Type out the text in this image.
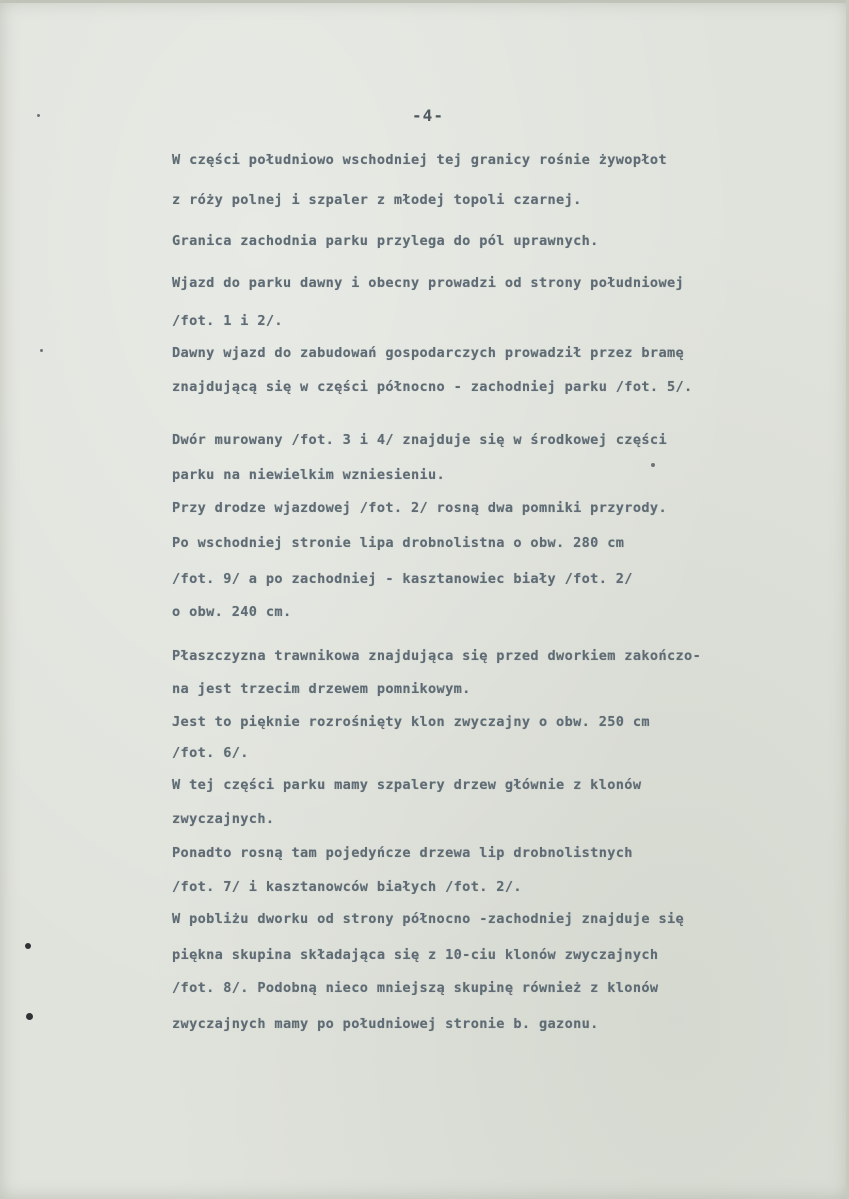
-4-
W części południowo wschodniej tej granicy rośnie żywopłot
z róży polnej i szpaler z młodej topoli czarnej.
Granica zachodnia parku przylega do pól uprawnych.
Wjazd do parku dawny i obecny prowadzi od strony południowej
/fot. 1 i 2/.
Dawny wjazd do zabudowań gospodarczych prowadził przez bramę
znajdującą się w części północno - zachodniej parku /fot. 5/.
Dwór murowany /fot. 3 i 4/ znajduje się w środkowej części
parku na niewielkim wzniesieniu.
Przy drodze wjazdowej /fot. 2/ rosną dwa pomniki przyrody.
Po wschodniej stronie lipa drobnolistna o obw. 280 cm
/fot. 9/ a po zachodniej - kasztanowiec biały /fot. 2/
o obw. 240 cm.
Płaszczyzna trawnikowa znajdująca się przed dworkiem zakończo-
na jest trzecim drzewem pomnikowym.
Jest to pięknie rozrośnięty klon zwyczajny o obw. 250 cm
/fot. 6/.
W tej części parku mamy szpalery drzew głównie z klonów
zwyczajnych.
Ponadto rosną tam pojedyńcze drzewa lip drobnolistnych
/fot. 7/ i kasztanowców białych /fot. 2/.
W pobliżu dworku od strony północno -zachodniej znajduje się
piękna skupina składająca się z 10-ciu klonów zwyczajnych
/fot. 8/. Podobną nieco mniejszą skupinę również z klonów
zwyczajnych mamy po południowej stronie b. gazonu.
